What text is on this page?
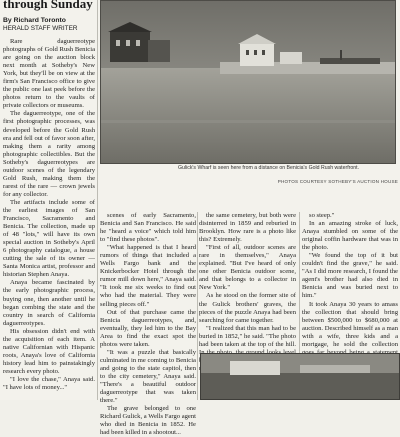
through Sunday
By Richard Toronto
HERALD STAFF WRITER

Rare daguerreotype photographs of Gold Rush Benicia are going on the auction block next month at Sotheby's New York, but they'll be on view at the firm's San Francisco office to give the public one last peek before the photos return to the vaults of private collectors or museums.

The daguerreotype, one of the first photographic processes, was developed before the Gold Rush era and fell out of favor soon after, making them a rarity among photographic collectibles. But the Sotheby's daguerreotypes are outdoor scenes of the legendary Gold Rush, making them the rarest of the rare — crown jewels for any collector.

The artifacts include some of the earliest images of San Francisco, Sacramento and Benicia. The collection, made up of 48 "lots," will have its own special auction in Sotheby's April 6 photography catalogue, a house cutting the sale of its owner — Santa Monica artist, professor and historian Stephen Anaya.

Anaya became fascinated by the early photographic process, buying one, then another until he began combing the state and the country in search of California daguerreotypes.

His obsession didn't end with the acquisition of each item. A native Californian with Hispanic roots, Anaya's love of California history lead him to painstakingly research every photo.

"I love the chase," Anaya said. "I have lots of money..."

Gulick's Wharf is seen here from a distance on Benicia's Gold Rush waterfront.
PHOTOS COURTESY SOTHEBY'S AUCTION HOUSE

scenes of early Sacramento, Benicia and San Francisco. He said he "heard a voice" which told him to "find these photos".

"What happened is that I heard rumors of things that included a Wells Fargo bank and the Knickerbocker Hotel through the rumor mill down here," Anaya said. "It took me six weeks to find out who had the material. They were selling pieces off."

Out of that purchase came the Benicia daguerreotypes, and, eventually, they led him to the Bay Area to find the exact spot the photos were taken.

"It was a puzzle that basically culminated in me coming to Benicia and going to the state capitol, then to the city cemetery," Anaya said. "There's a beautiful outdoor daguerreotype that was taken there."

The grave belonged to one Richard Gulick, a Wells Fargo agent who died in Benicia in 1852. He had been killed in a shootout...

the same cemetery, but both were disinterred in 1859 and reburied in Brooklyn. How rare is a photo like this? Extremely.

"First of all, outdoor scenes are rare in themselves," Anaya explained. "But I've heard of only one other Benicia outdoor scene, and that belongs to a collector in New York."

As he stood on the former site of the Gulick brothers' graves, the pieces of the puzzle Anaya had been searching for came together.

"I realized that this man had to be buried in 1852," he said. "The photo had been taken at the top of the hill.

so steep."

In an amazing stroke of luck, Anaya stumbled on some of the original coffin hardware that was in the photo.

"We found the top of it but couldn't find the grave," he said. "As I did more research, I found the agent's brother had also died in Benicia and was buried next to him."

It took Anaya 30 years to amass the collection that should bring between $500,000 to $680,000 at auction. Described himself as a man with a wife, three kids and a mortgage, he sold the collection
